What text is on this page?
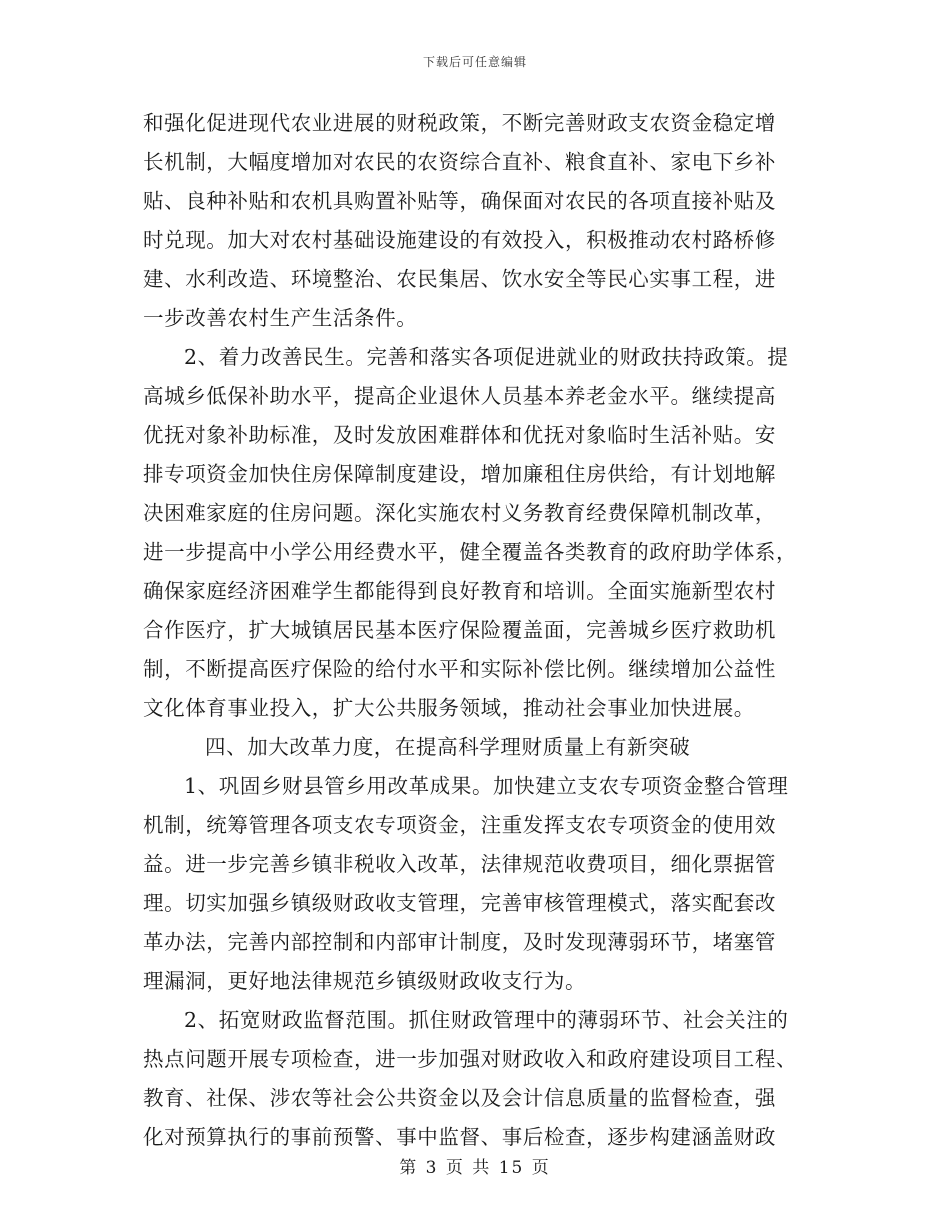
下载后可任意编辑
和强化促进现代农业进展的财税政策，不断完善财政支农资金稳定增
长机制，大幅度增加对农民的农资综合直补、粮食直补、家电下乡补
贴、良种补贴和农机具购置补贴等，确保面对农民的各项直接补贴及
时兑现。加大对农村基础设施建设的有效投入，积极推动农村路桥修
建、水利改造、环境整治、农民集居、饮水安全等民心实事工程，进
一步改善农村生产生活条件。
2、着力改善民生。完善和落实各项促进就业的财政扶持政策。提
高城乡低保补助水平，提高企业退休人员基本养老金水平。继续提高
优抚对象补助标准，及时发放困难群体和优抚对象临时生活补贴。安
排专项资金加快住房保障制度建设，增加廉租住房供给，有计划地解
决困难家庭的住房问题。深化实施农村义务教育经费保障机制改革，
进一步提高中小学公用经费水平，健全覆盖各类教育的政府助学体系，
确保家庭经济困难学生都能得到良好教育和培训。全面实施新型农村
合作医疗，扩大城镇居民基本医疗保险覆盖面，完善城乡医疗救助机
制，不断提高医疗保险的给付水平和实际补偿比例。继续增加公益性
文化体育事业投入，扩大公共服务领域，推动社会事业加快进展。
四、加大改革力度，在提高科学理财质量上有新突破
1、巩固乡财县管乡用改革成果。加快建立支农专项资金整合管理
机制，统筹管理各项支农专项资金，注重发挥支农专项资金的使用效
益。进一步完善乡镇非税收入改革，法律规范收费项目，细化票据管
理。切实加强乡镇级财政收支管理，完善审核管理模式，落实配套改
革办法，完善内部控制和内部审计制度，及时发现薄弱环节，堵塞管
理漏洞，更好地法律规范乡镇级财政收支行为。
2、拓宽财政监督范围。抓住财政管理中的薄弱环节、社会关注的
热点问题开展专项检查，进一步加强对财政收入和政府建设项目工程、
教育、社保、涉农等社会公共资金以及会计信息质量的监督检查，强
化对预算执行的事前预警、事中监督、事后检查，逐步构建涵盖财政
第 3 页 共 15 页
